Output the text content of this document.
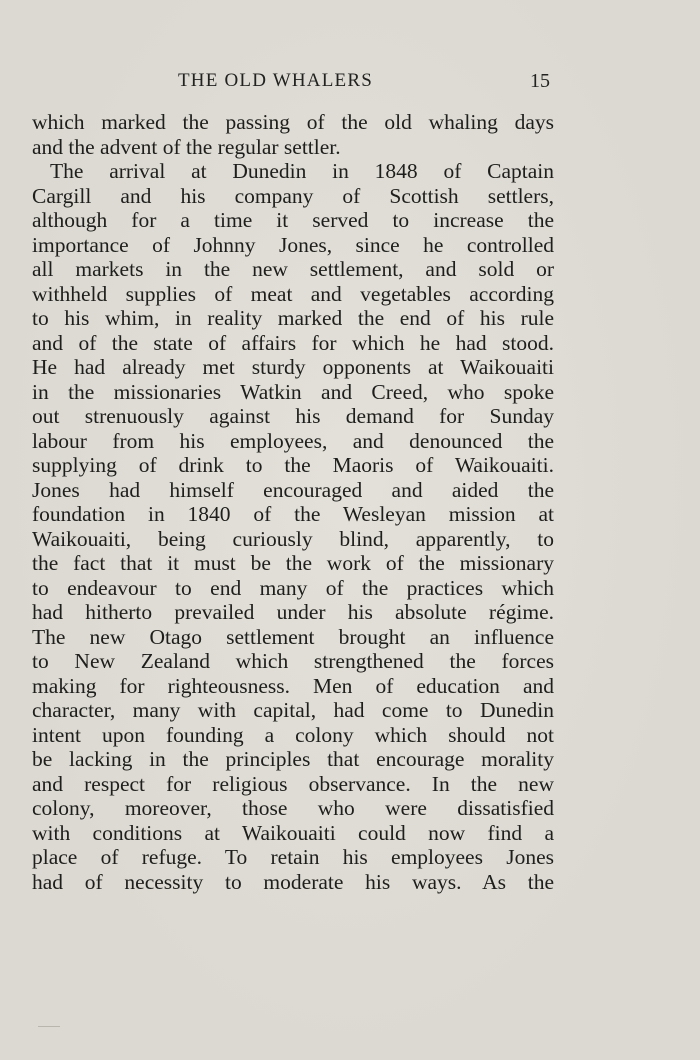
THE OLD WHALERS	15
which marked the passing of the old whaling days
and the advent of the regular settler.
The arrival at Dunedin in 1848 of Captain
Cargill and his company of Scottish settlers,
although for a time it served to increase the
importance of Johnny Jones, since he controlled
all markets in the new settlement, and sold or
withheld supplies of meat and vegetables according
to his whim, in reality marked the end of his rule
and of the state of affairs for which he had stood.
He had already met sturdy opponents at Waikouaiti
in the missionaries Watkin and Creed, who spoke
out strenuously against his demand for Sunday
labour from his employees, and denounced the
supplying of drink to the Maoris of Waikouaiti.
Jones had himself encouraged and aided the
foundation in 1840 of the Wesleyan mission at
Waikouaiti, being curiously blind, apparently, to
the fact that it must be the work of the missionary
to endeavour to end many of the practices which
had hitherto prevailed under his absolute régime.
The new Otago settlement brought an influence
to New Zealand which strengthened the forces
making for righteousness. Men of education and
character, many with capital, had come to Dunedin
intent upon founding a colony which should not
be lacking in the principles that encourage morality
and respect for religious observance. In the new
colony, moreover, those who were dissatisfied
with conditions at Waikouaiti could now find a
place of refuge. To retain his employees Jones
had of necessity to moderate his ways. As the
